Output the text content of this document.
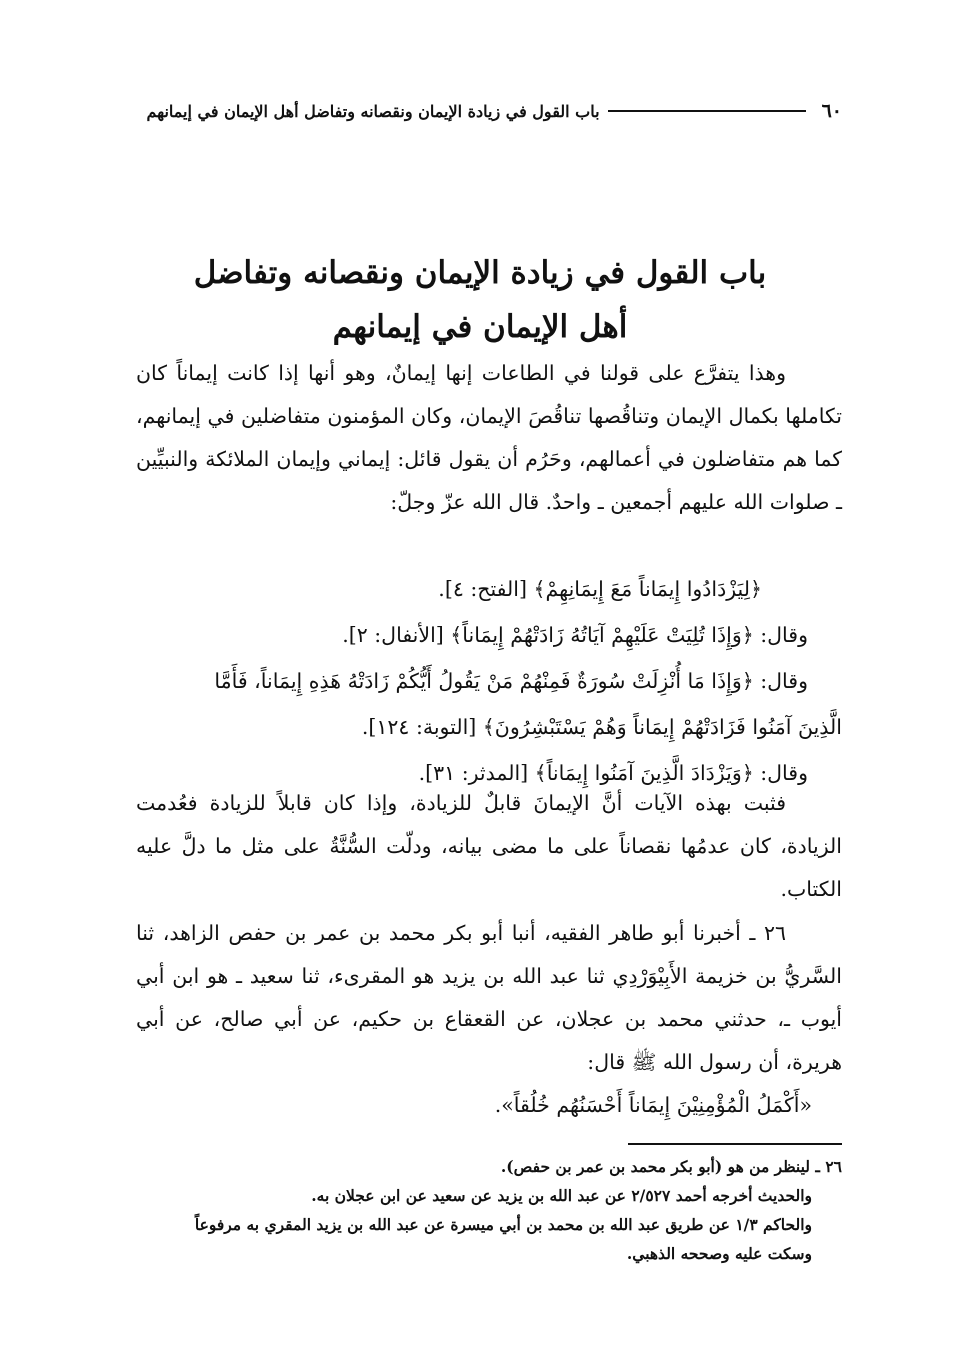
٦٠
باب القول في زيادة الإيمان ونقصانه وتفاضل أهل الإيمان في إيمانهم
باب القول في زيادة الإيمان ونقصانه وتفاضل
أهل الإيمان في إيمانهم

وهذا يتفرَّع على قولنا في الطاعات إنها إيمانٌ، وهو أنها إذا كانت إيماناً كان تكاملها بكمال الإيمان وتناقُصها تناقُصَ الإيمان، وكان المؤمنون متفاضلين في إيمانهم، كما هم متفاضلون في أعمالهم، وحَرُم أن يقول قائل: إيماني وإيمان الملائكة والنبيِّين ـ صلوات الله عليهم أجمعين ـ واحدٌ. قال الله عزّ وجلّ:

﴿لِيَزْدَادُوا إِيمَاناً مَعَ إِيمَانِهِمْ﴾ [الفتح: ٤].

وقال: ﴿وَإِذَا تُلِيَتْ عَلَيْهِمْ آيَاتُهُ زَادَتْهُمْ إِيمَاناً﴾ [الأنفال: ٢].

وقال: ﴿وَإِذَا مَا أُنْزِلَتْ سُورَةٌ فَمِنْهُمْ مَنْ يَقُولُ أَيُّكُمْ زَادَتْهُ هَذِهِ إِيمَاناً، فَأَمَّا

الَّذِينَ آمَنُوا فَزَادَتْهُمْ إِيمَاناً وَهُمْ يَسْتَبْشِرُونَ﴾ [التوبة: ١٢٤].

وقال: ﴿وَيَزْدَادَ الَّذِينَ آمَنُوا إِيمَاناً﴾ [المدثر: ٣١].

فثبت بهذه الآيات أنَّ الإيمانَ قابلٌ للزيادة، وإذا كان قابلاً للزيادة فعُدمت الزيادة، كان عدمُها نقصاناً على ما مضى بيانه، ودلّت السُّنَّةُ على مثل ما دلَّ عليه الكتاب.

٢٦ ـ أخبرنا أبو طاهر الفقيه، أنبا أبو بكر محمد بن عمر بن حفص الزاهد، ثنا السَّريُّ بن خزيمة الأَبِيْوَرْدِي ثنا عبد الله بن يزيد هو المقرىء، ثنا سعيد ـ هو ابن أبي أيوب ـ، حدثني محمد بن عجلان، عن القعقاع بن حكيم، عن أبي صالح، عن أبي هريرة، أن رسول الله ﷺ قال:

«أَكْمَلُ الْمُؤْمِنِيْنَ إِيمَاناً أَحْسَنُهُم خُلُقاً».

٢٦ ـ لينظر من هو (أبو بكر محمد بن عمر بن حفص).

والحديث أخرجه أحمد ٢/٥٢٧ عن عبد الله بن يزيد عن سعيد عن ابن عجلان به.

والحاكم ١/٣ عن طريق عبد الله بن محمد بن أبي ميسرة عن عبد الله بن يزيد المقري به مرفوعاً

وسكت عليه وصححه الذهبي.
